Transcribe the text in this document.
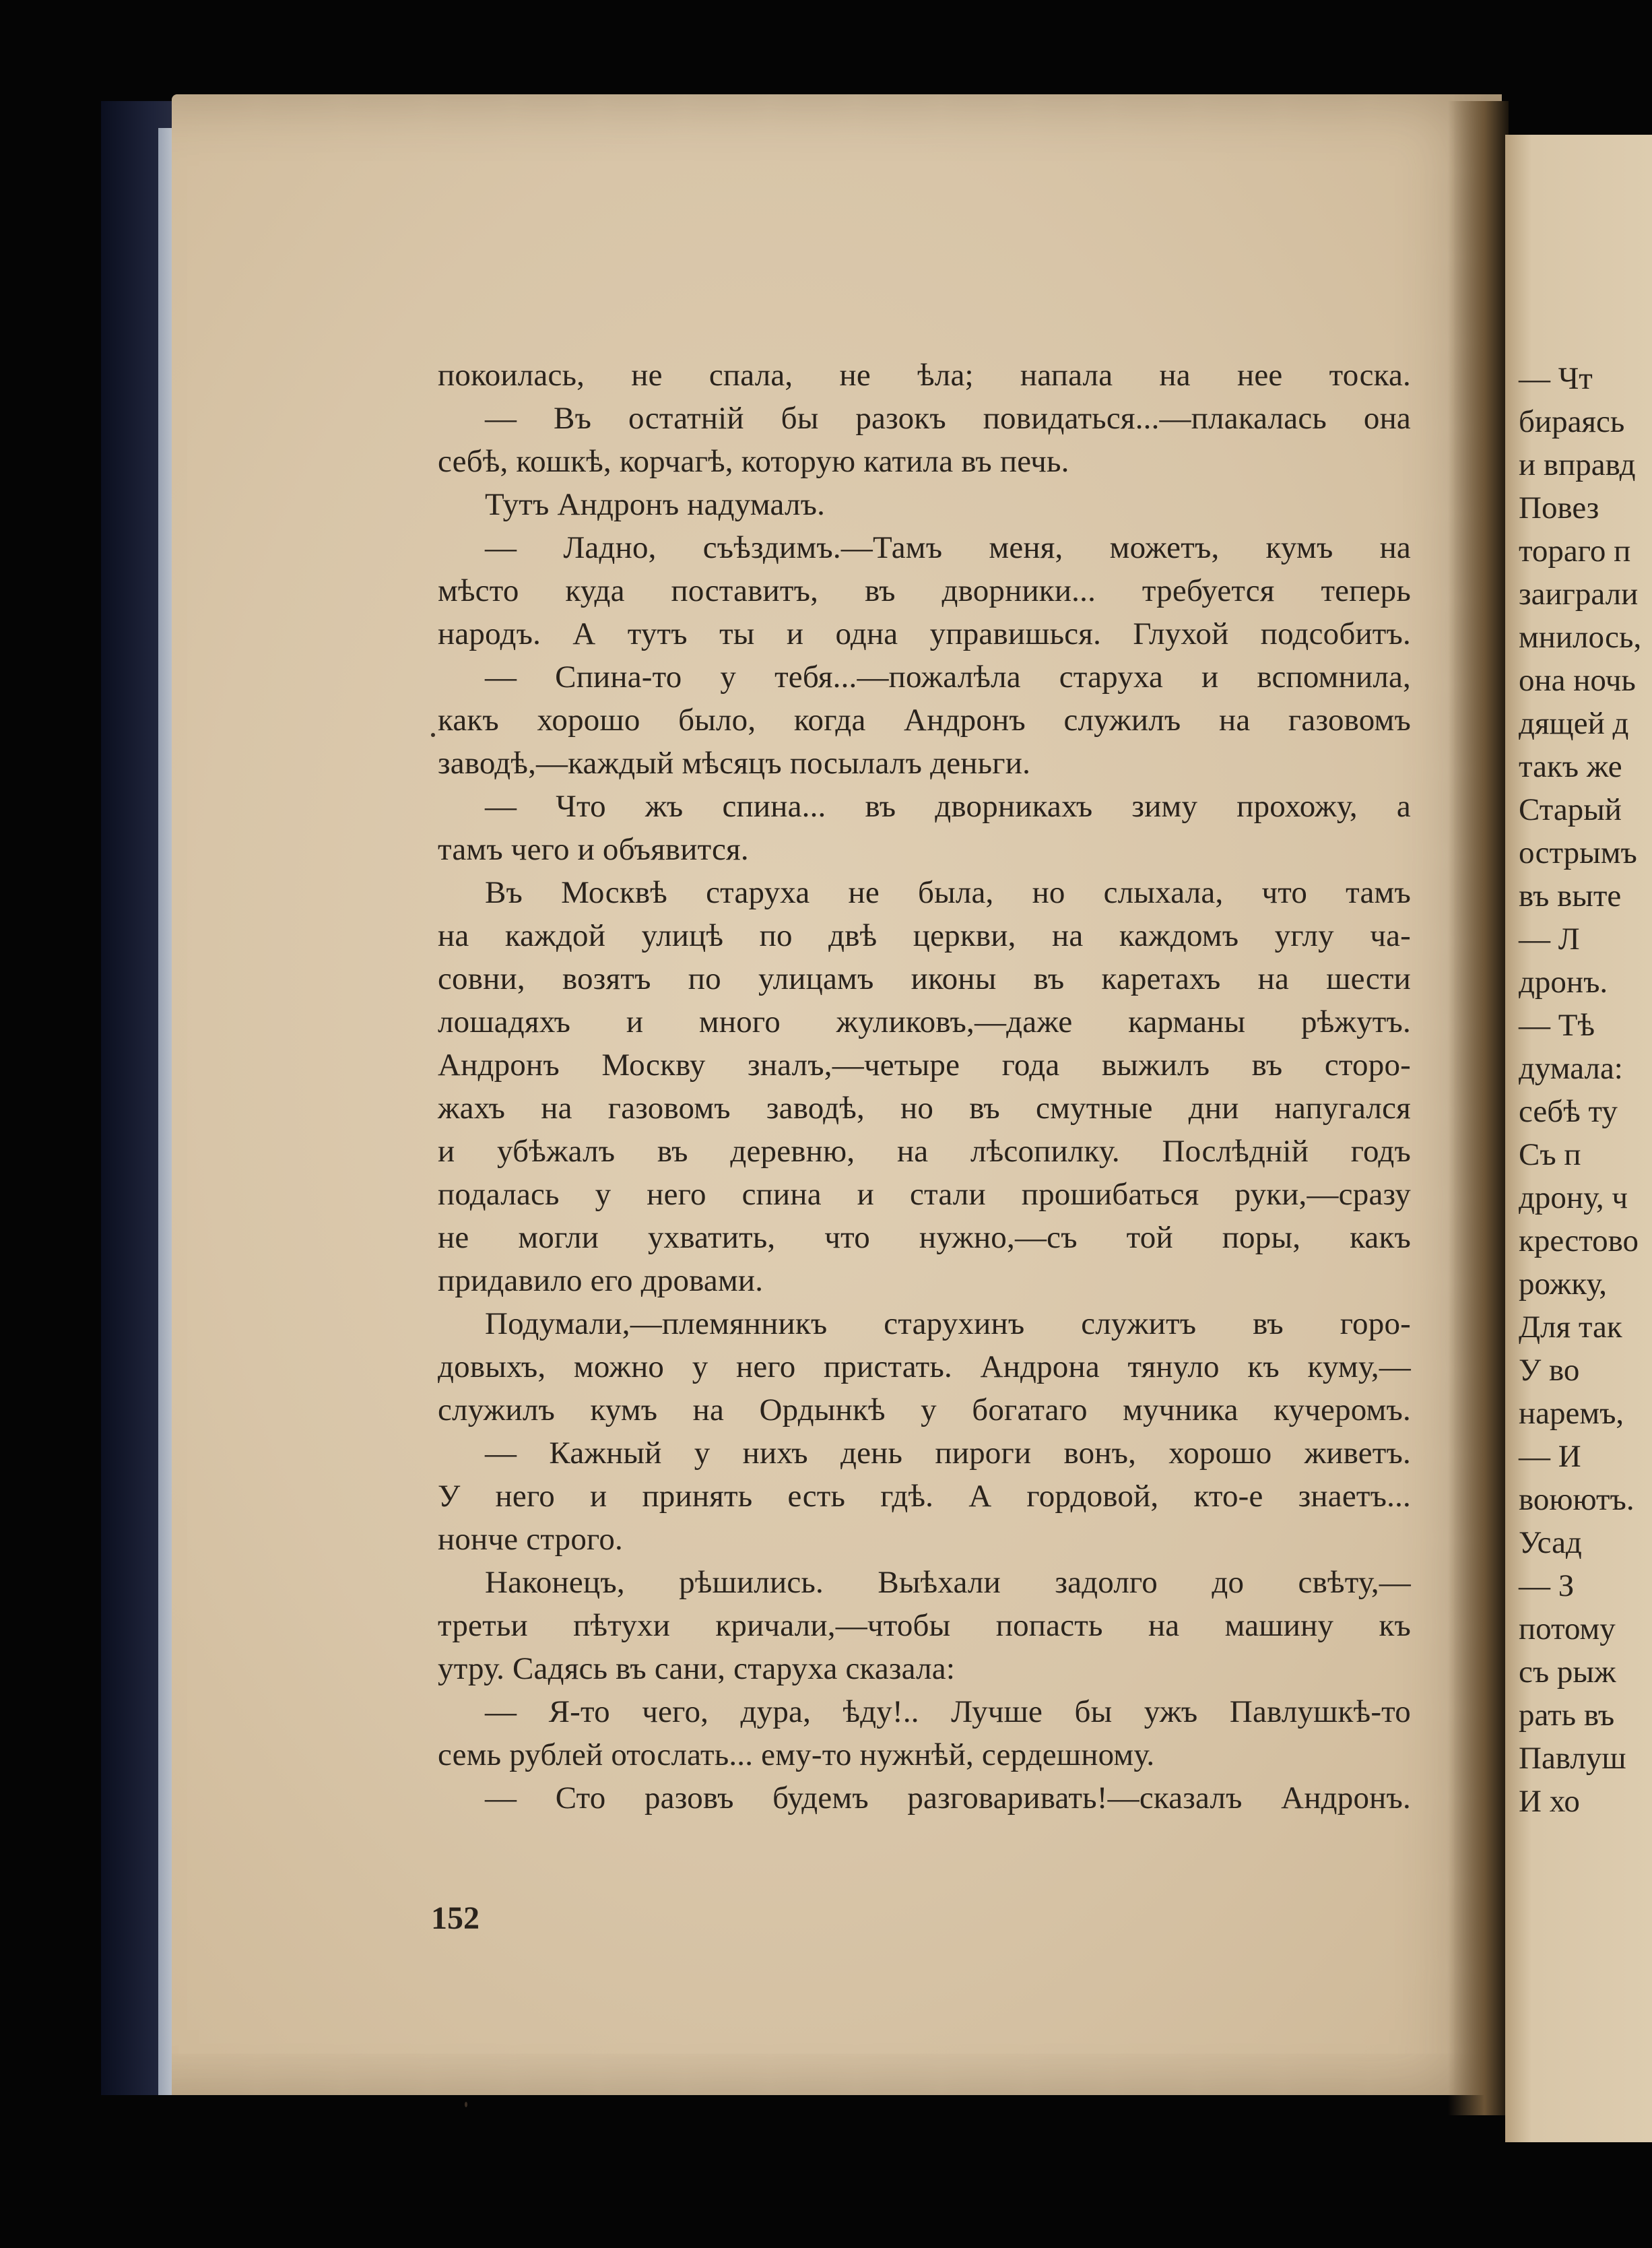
покоилась, не спала, не ѣла; напала на нее тоска.
— Въ остатнiй бы разокъ повидаться...—плакалась она
себѣ, кошкѣ, корчагѣ, которую катила въ печь.
Тутъ Андронъ надумалъ.
— Ладно, съѣздимъ.—Тамъ меня, можетъ, кумъ на
мѣсто куда поставитъ, въ дворники... требуется теперь
народъ. А тутъ ты и одна управишься. Глухой подсобитъ.
— Спина-то у тебя...—пожалѣла старуха и вспомнила,
какъ хорошо было, когда Андронъ служилъ на газовомъ
заводѣ,—каждый мѣсяцъ посылалъ деньги.
— Что жъ спина... въ дворникахъ зиму прохожу, а
тамъ чего и объявится.
Въ Москвѣ старуха не была, но слыхала, что тамъ
на каждой улицѣ по двѣ церкви, на каждомъ углу ча-
совни, возятъ по улицамъ иконы въ каретахъ на шести
лошадяхъ и много жуликовъ,—даже карманы рѣжутъ.
Андронъ Москву зналъ,—четыре года выжилъ въ сторо-
жахъ на газовомъ заводѣ, но въ смутные дни напугался
и убѣжалъ въ деревню, на лѣсопилку. Послѣднiй годъ
подалась у него спина и стали прошибаться руки,—сразу
не могли ухватить, что нужно,—съ той поры, какъ
придавило его дровами.
Подумали,—племянникъ старухинъ служитъ въ горо-
довыхъ, можно у него пристать. Андрона тянуло къ куму,—
служилъ кумъ на Ордынкѣ у богатаго мучника кучеромъ.
— Кажный у нихъ день пироги вонъ, хорошо живетъ.
У него и принять есть гдѣ. А гордовой, кто-е знаетъ...
нонче строго.
Наконецъ, рѣшились. Выѣхали задолго до свѣту,—
третьи пѣтухи кричали,—чтобы попасть на машину къ
утру. Садясь въ сани, старуха сказала:
— Я-то чего, дура, ѣду!.. Лучше бы ужъ Павлушкѣ-то
семь рублей отослать... ему-то нужнѣй, сердешному.
— Сто разовъ будемъ разговаривать!—сказалъ Андронъ.
152
— Чт
бираясь
и вправд
Повез
тораго п
заиграли
мнилось,
она ночь
дящей д
такъ же
Старый
острымъ
въ выте
— Л
дронъ.
— Тѣ
думала:
себѣ ту
Съ п
дрону, ч
крестово
рожку,
Для так
У во
наремъ,
— И
воюютъ.
Усад
— З
потому
съ рыж
рать въ
Павлуш
И хо
